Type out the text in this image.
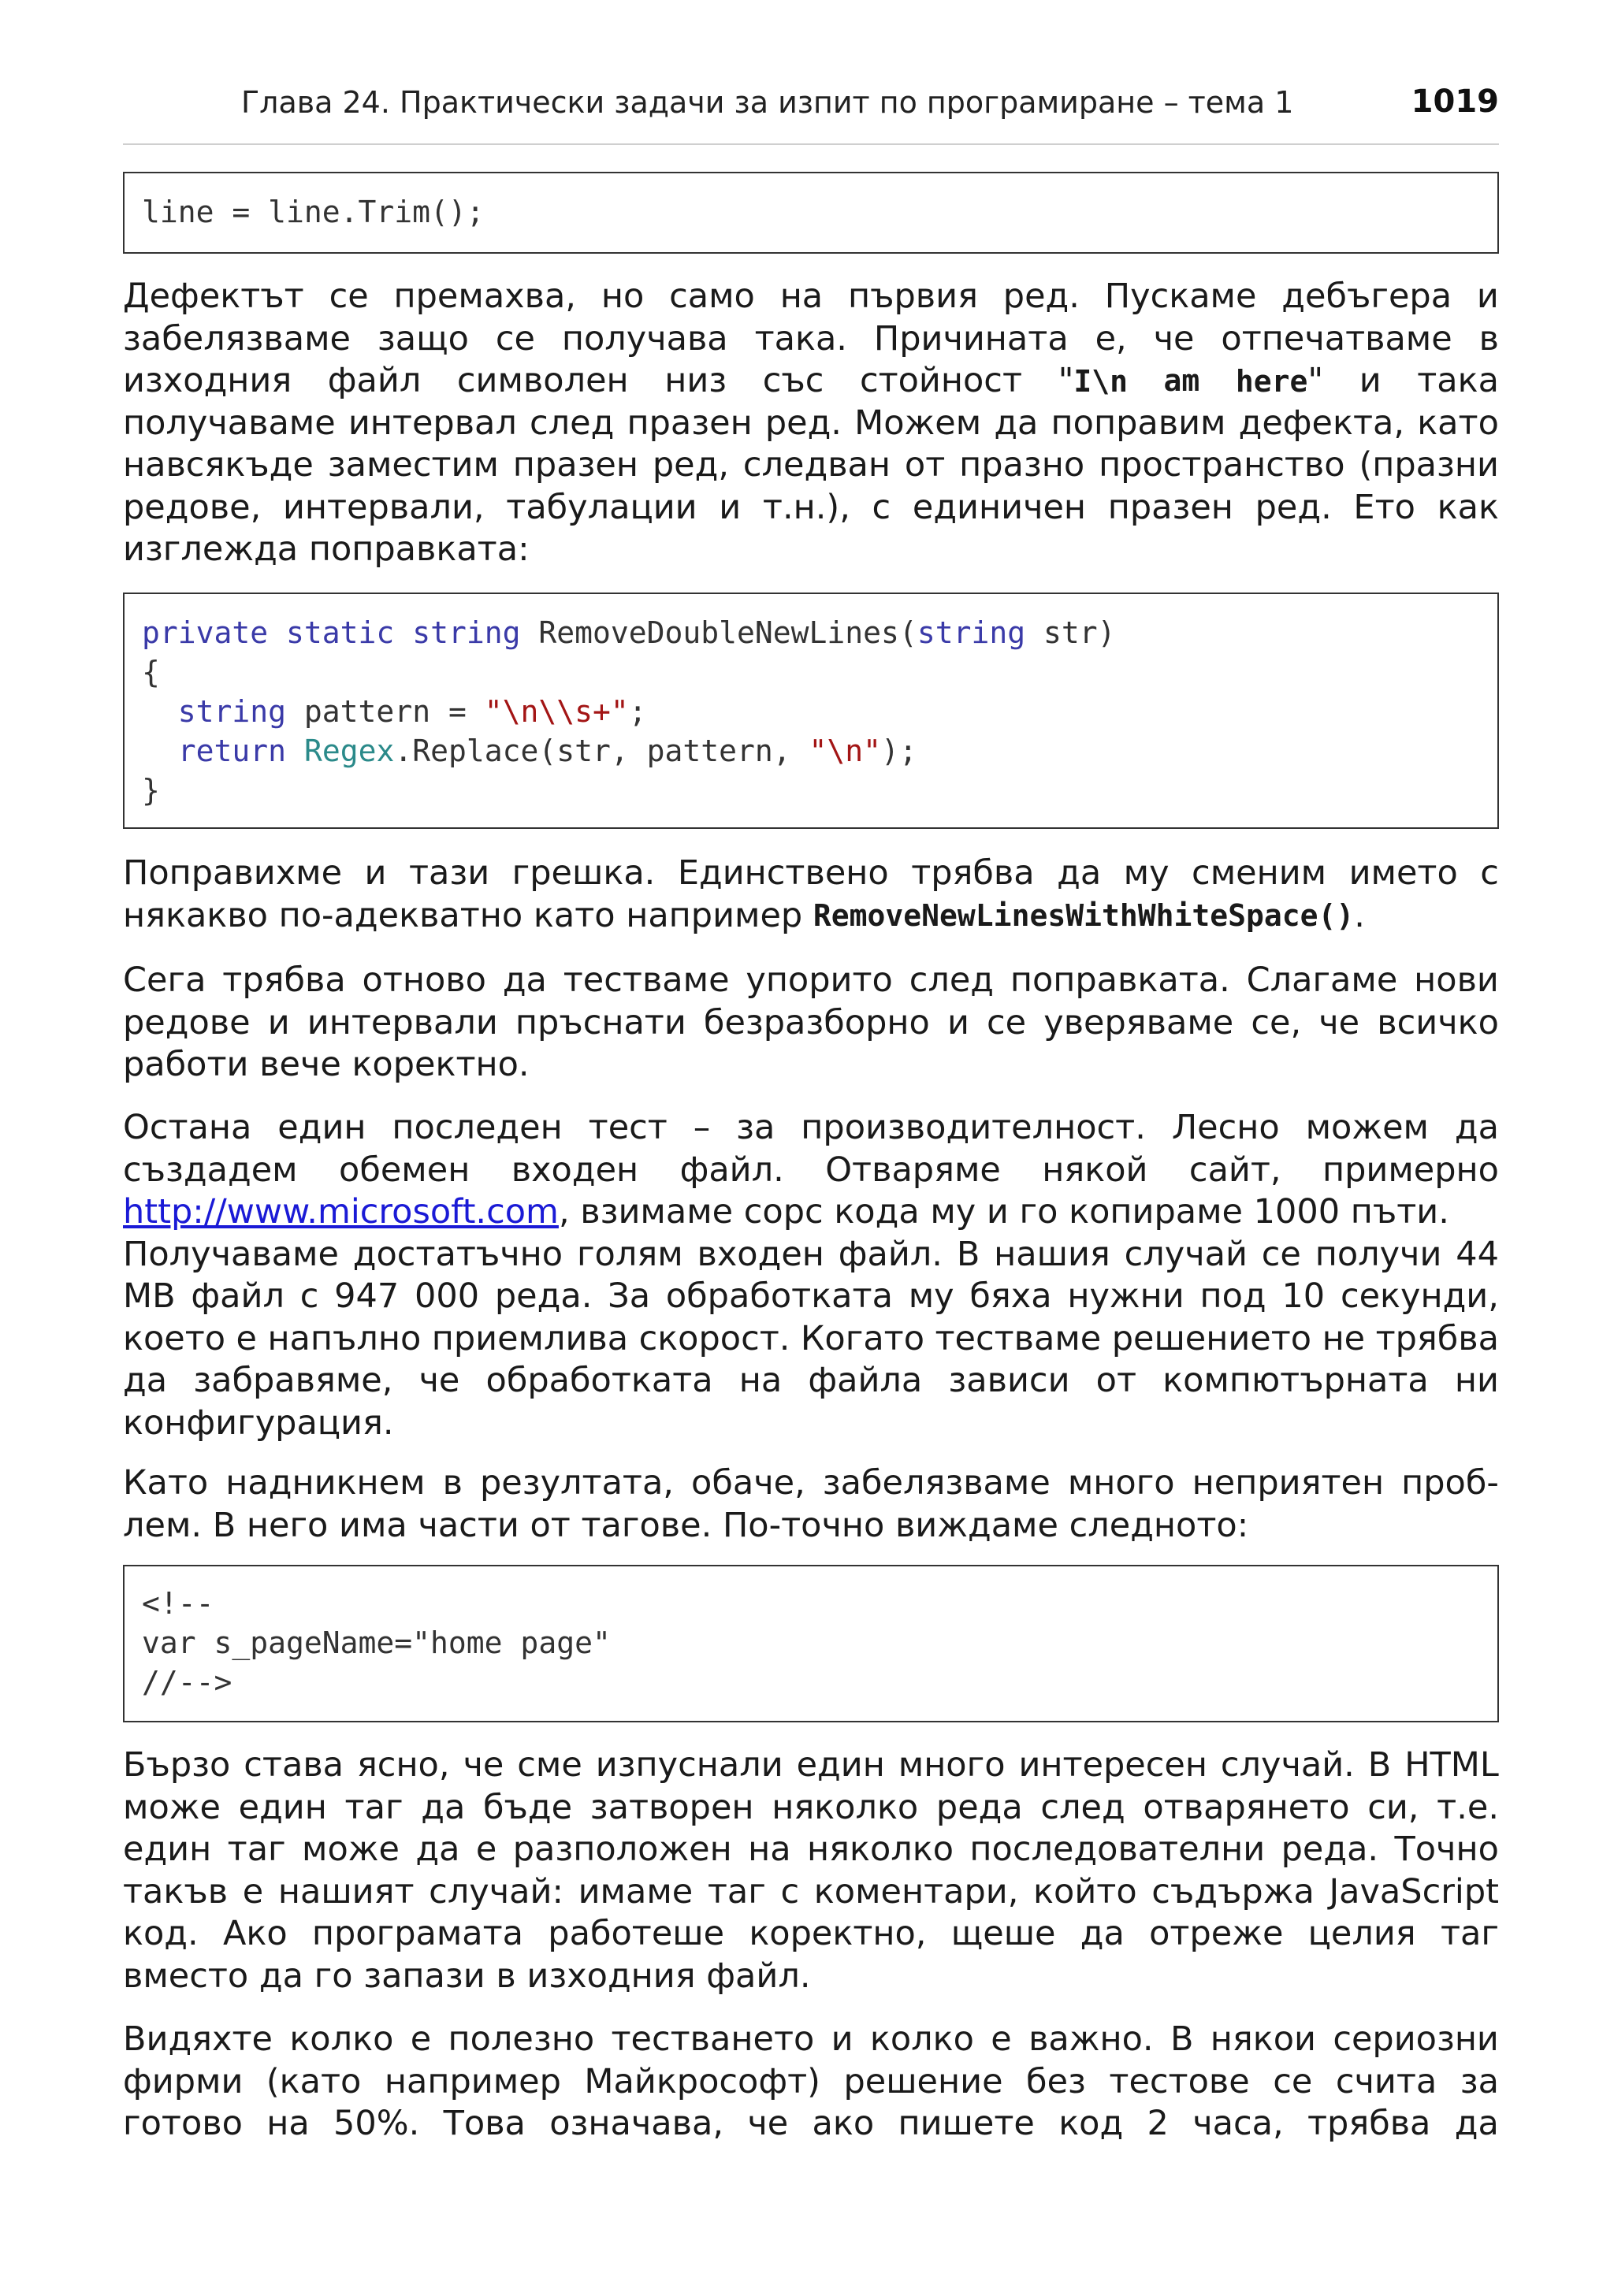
Глава 24. Практически задачи за изпит по програмиране – тема 1	1019
line = line.Trim();
Дефектът се премахва, но само на първия ред. Пускаме дебъгера и
забелязваме защо се получава така. Причината е, че отпечатваме в
изходния файл символен низ със стойност "I\n am here" и така
получаваме интервал след празен ред. Можем да поправим дефекта, като
навсякъде заместим празен ред, следван от празно пространство (празни
редове, интервали, табулации и т.н.), с единичен празен ред. Ето как
изглежда поправката:
private static string RemoveDoubleNewLines(string str)
{
string pattern = "\n\\s+";
return Regex.Replace(str, pattern, "\n");
}
Поправихме и тази грешка. Единствено трябва да му сменим името с
някакво по-адекватно като например RemoveNewLinesWithWhiteSpace() .
Сега трябва отново да тестваме упорито след поправката. Слагаме нови
редове и интервали пръснати безразборно и се уверяваме се, че всичко
работи вече коректно.
Остана един последен тест – за производителност. Лесно можем да
създадем обемен входен файл. Отваряме някой сайт, примерно
http://www.microsoft.com , взимаме сорс кода му и го копираме 1000 пъти.
Получаваме достатъчно голям входен файл. В нашия случай се получи 44
MB файл с 947 000 реда. За обработката му бяха нужни под 10 секунди,
което е напълно приемлива скорост. Когато тестваме решението не трябва
да забравяме, че обработката на файла зависи от компютърната ни
конфигурация.
Като надникнем в резултата, обаче, забелязваме много неприятен проб-
лем. В него има части от тагове. По-точно виждаме следното:
<!--
var s_pageName="home page"
//-->
Бързо става ясно, че сме изпуснали един много интересен случай. В HTML
може един таг да бъде затворен няколко реда след отварянето си, т.е.
един таг може да е разположен на няколко последователни реда. Точно
такъв е нашият случай: имаме таг с коментари, който съдържа JavaScript
код. Ако програмата работеше коректно, щеше да отреже целия таг
вместо да го запази в изходния файл.
Видяхте колко е полезно тестването и колко е важно. В някои сериозни
фирми (като например Майкрософт) решение без тестове се счита за
готово на 50%. Това означава, че ако пишете код 2 часа, трябва да
